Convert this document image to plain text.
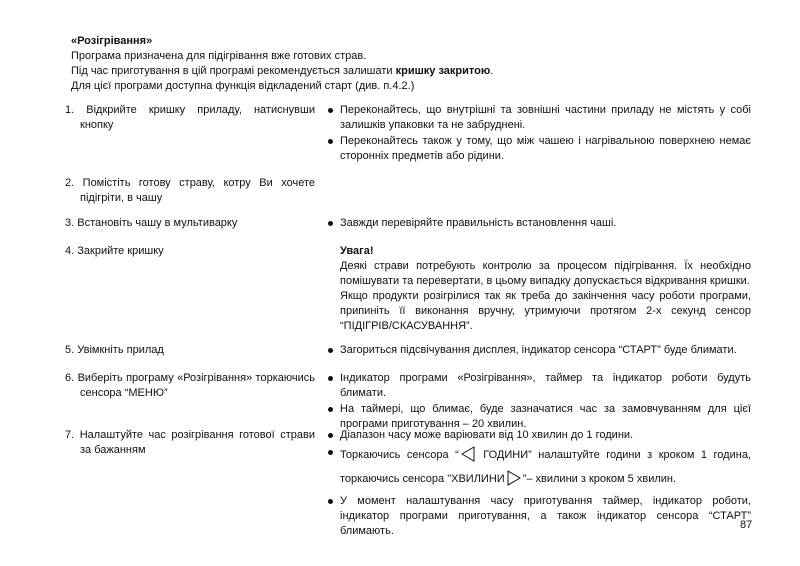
«Розігрівання»

Програма призначена для підігрівання вже готових страв.

Під час приготування в цій програмі рекомендується залишати кришку закритою.

Для цієї програми доступна функція відкладений старт (див. п.4.2.)

1. Відкрийте кришку приладу, натиснувши кнопку
2. Помістіть готову страву, котру Ви хочете підігріти, в чашу
3. Встановіть чашу в мультиварку
4. Закрийте кришку
5. Увімкніть прилад
6. Виберіть програму «Розігрівання» торкаючись сенсора “МЕНЮ”
7. Налаштуйте час розігрівання готової страви за бажанням
Переконайтесь, що внутрішні та зовнішні частини приладу не містять у собі залишків упаковки та не забруднені.
Переконайтесь також у тому, що між чашею і нагрівальною поверхнею немає сторонніх предметів або рідини.
Завжди перевіряйте правильність встановлення чаші.

Увага!

Деякі страви потребують контролю за процесом підігрівання. Їх необхідно помішувати та перевертати, в цьому випадку допускається відкривання кришки.

Якщо продукти розігрілися так як треба до закінчення часу роботи програми, припиніть її виконання вручну, утримуючи протягом 2-х секунд сенсор “ПІДІГРІВ/СКАСУВАННЯ”.

Загориться підсвічування дисплея, індикатор сенсора “СТАРТ” буде блимати.
Індикатор програми «Розігрівання», таймер та індикатор роботи будуть блимати.
На таймері, що блимає, буде зазначатися час за замовчуванням для цієї програми приготування – 20 хвилин.
Діапазон часу може варіювати від 10 хвилин до 1 години.
Торкаючись сенсора “ ГОДИНИ” налаштуйте години з кроком 1 година, торкаючись сенсора "ХВИЛИНИ ”– хвилини з кроком 5 хвилин.
У момент налаштування часу приготування таймер, індикатор роботи, індикатор програми приготування, а також індикатор сенсора “СТАРТ” блимають.	87
